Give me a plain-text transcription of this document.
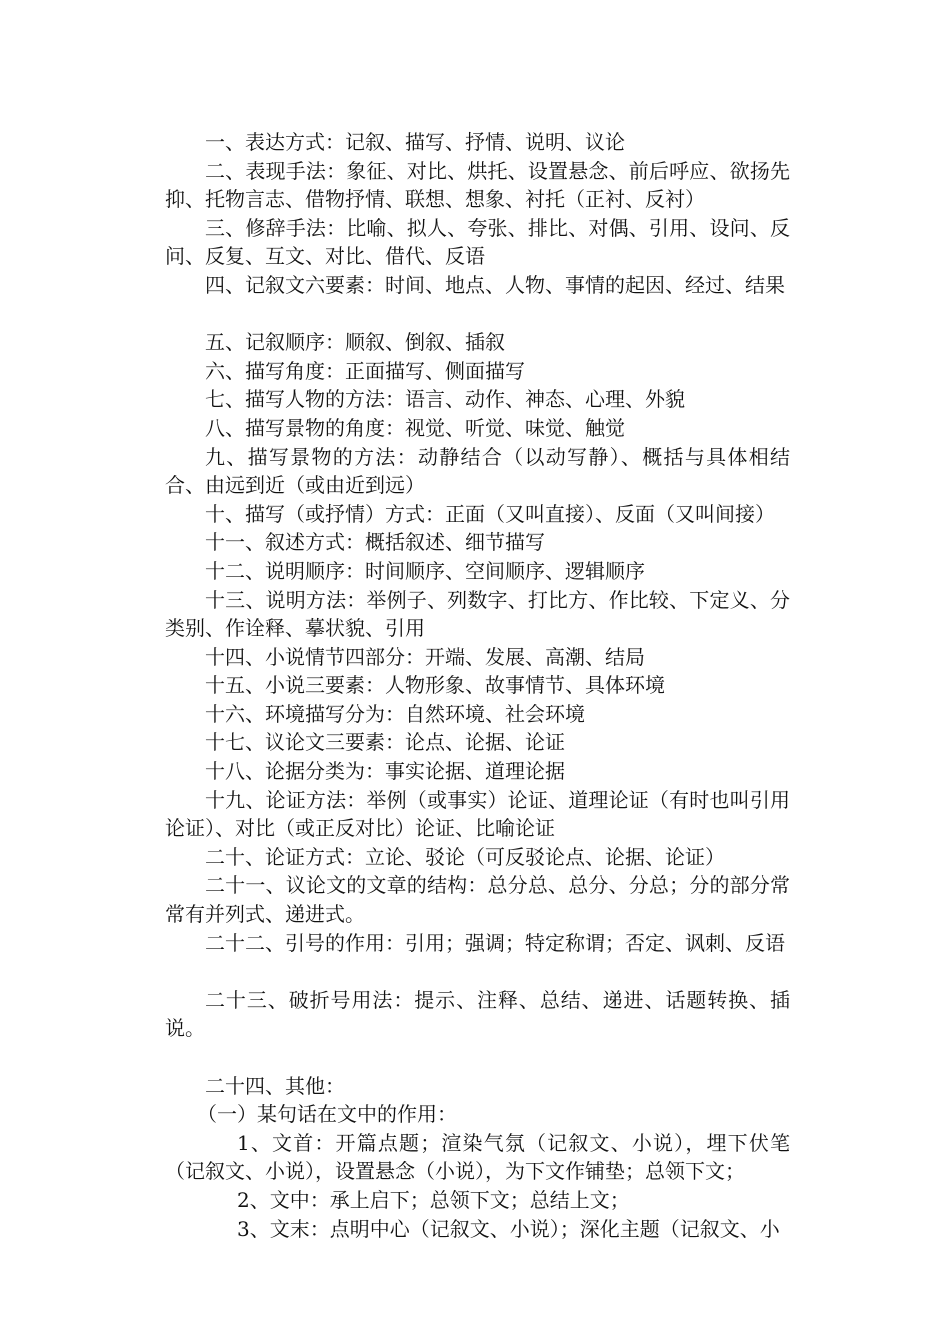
一、表达方式：记叙、描写、抒情、说明、议论

二、表现手法：象征、对比、烘托、设置悬念、前后呼应、欲扬先抑、托物言志、借物抒情、联想、想象、衬托（正衬、反衬）

三、修辞手法：比喻、拟人、夸张、排比、对偶、引用、设问、反问、反复、互文、对比、借代、反语

四、记叙文六要素：时间、地点、人物、事情的起因、经过、结果

五、记叙顺序：顺叙、倒叙、插叙

六、描写角度：正面描写、侧面描写

七、描写人物的方法：语言、动作、神态、心理、外貌

八、描写景物的角度：视觉、听觉、味觉、触觉

九、描写景物的方法：动静结合（以动写静）、概括与具体相结合、由远到近（或由近到远）

十、描写（或抒情）方式：正面（又叫直接）、反面（又叫间接）

十一、叙述方式：概括叙述、细节描写

十二、说明顺序：时间顺序、空间顺序、逻辑顺序

十三、说明方法：举例子、列数字、打比方、作比较、下定义、分类别、作诠释、摹状貌、引用

十四、小说情节四部分：开端、发展、高潮、结局

十五、小说三要素：人物形象、故事情节、具体环境

十六、环境描写分为：自然环境、社会环境

十七、议论文三要素：论点、论据、论证

十八、论据分类为：事实论据、道理论据

十九、论证方法：举例（或事实）论证、道理论证（有时也叫引用论证）、对比（或正反对比）论证、比喻论证

二十、论证方式：立论、驳论（可反驳论点、论据、论证）

二十一、议论文的文章的结构：总分总、总分、分总；分的部分常常有并列式、递进式。

二十二、引号的作用：引用；强调；特定称谓；否定、讽刺、反语

二十三、破折号用法：提示、注释、总结、递进、话题转换、插说。

二十四、其他：

（一）某句话在文中的作用：

1、文首：开篇点题；渲染气氛（记叙文、小说），埋下伏笔（记叙文、小说），设置悬念（小说），为下文作铺垫；总领下文；

2、文中：承上启下；总领下文；总结上文；

3、文末：点明中心（记叙文、小说）；深化主题（记叙文、小
